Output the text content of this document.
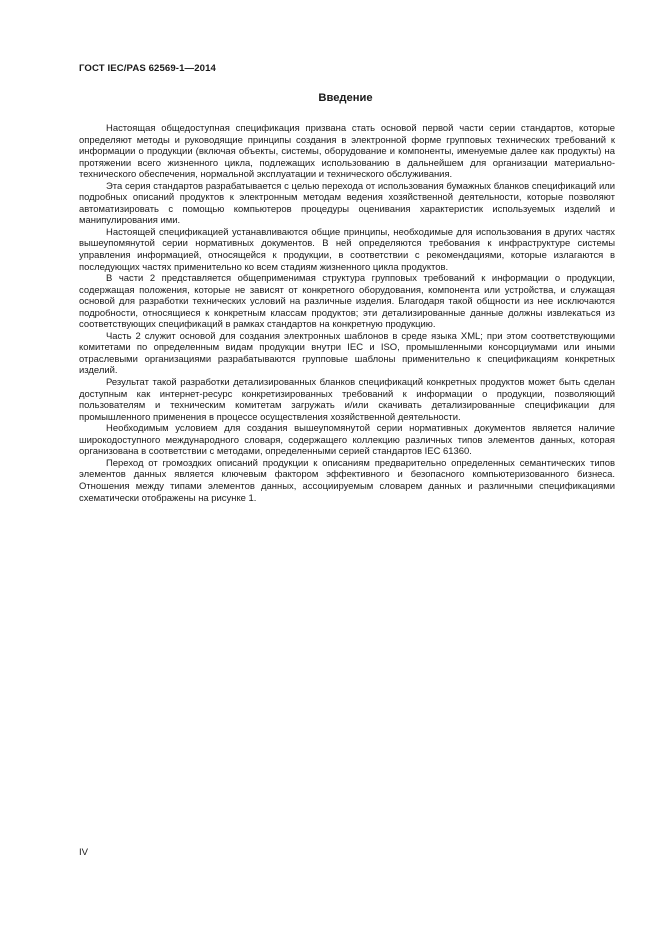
ГОСТ IEC/PAS 62569-1—2014
Введение

Настоящая общедоступная спецификация призвана стать основой первой части серии стандартов, которые определяют методы и руководящие принципы создания в электронной форме групповых технических требований к информации о продукции (включая объекты, системы, оборудование и компоненты, именуемые далее как продукты) на протяжении всего жизненного цикла, подлежащих использованию в дальнейшем для организации материально-технического обеспечения, нормальной эксплуатации и технического обслуживания.

Эта серия стандартов разрабатывается с целью перехода от использования бумажных бланков спецификаций или подробных описаний продуктов к электронным методам ведения хозяйственной деятельности, которые позволяют автоматизировать с помощью компьютеров процедуры оценивания характеристик используемых изделий и манипулирования ими.

Настоящей спецификацией устанавливаются общие принципы, необходимые для использования в других частях вышеупомянутой серии нормативных документов. В ней определяются требования к инфраструктуре системы управления информацией, относящейся к продукции, в соответствии с рекомендациями, которые излагаются в последующих частях применительно ко всем стадиям жизненного цикла продуктов.

В части 2 представляется общеприменимая структура групповых требований к информации о продукции, содержащая положения, которые не зависят от конкретного оборудования, компонента или устройства, и служащая основой для разработки технических условий на различные изделия. Благодаря такой общности из нее исключаются подробности, относящиеся к конкретным классам продуктов; эти детализированные данные должны извлекаться из соответствующих спецификаций в рамках стандартов на конкретную продукцию.

Часть 2 служит основой для создания электронных шаблонов в среде языка XML; при этом соответствующими комитетами по определенным видам продукции внутри IEC и ISO, промышленными консорциумами или иными отраслевыми организациями разрабатываются групповые шаблоны применительно к спецификациям конкретных изделий.

Результат такой разработки детализированных бланков спецификаций конкретных продуктов может быть сделан доступным как интернет-ресурс конкретизированных требований к информации о продукции, позволяющий пользователям и техническим комитетам загружать и/или скачивать детализированные спецификации для промышленного применения в процессе осуществления хозяйственной деятельности.

Необходимым условием для создания вышеупомянутой серии нормативных документов является наличие широкодоступного международного словаря, содержащего коллекцию различных типов элементов данных, которая организована в соответствии с методами, определенными серией стандартов IEC 61360.

Переход от громоздких описаний продукции к описаниям предварительно определенных семантических типов элементов данных является ключевым фактором эффективного и безопасного компьютеризованного бизнеса. Отношения между типами элементов данных, ассоциируемым словарем данных и различными спецификациями схематически отображены на рисунке 1.

IV
